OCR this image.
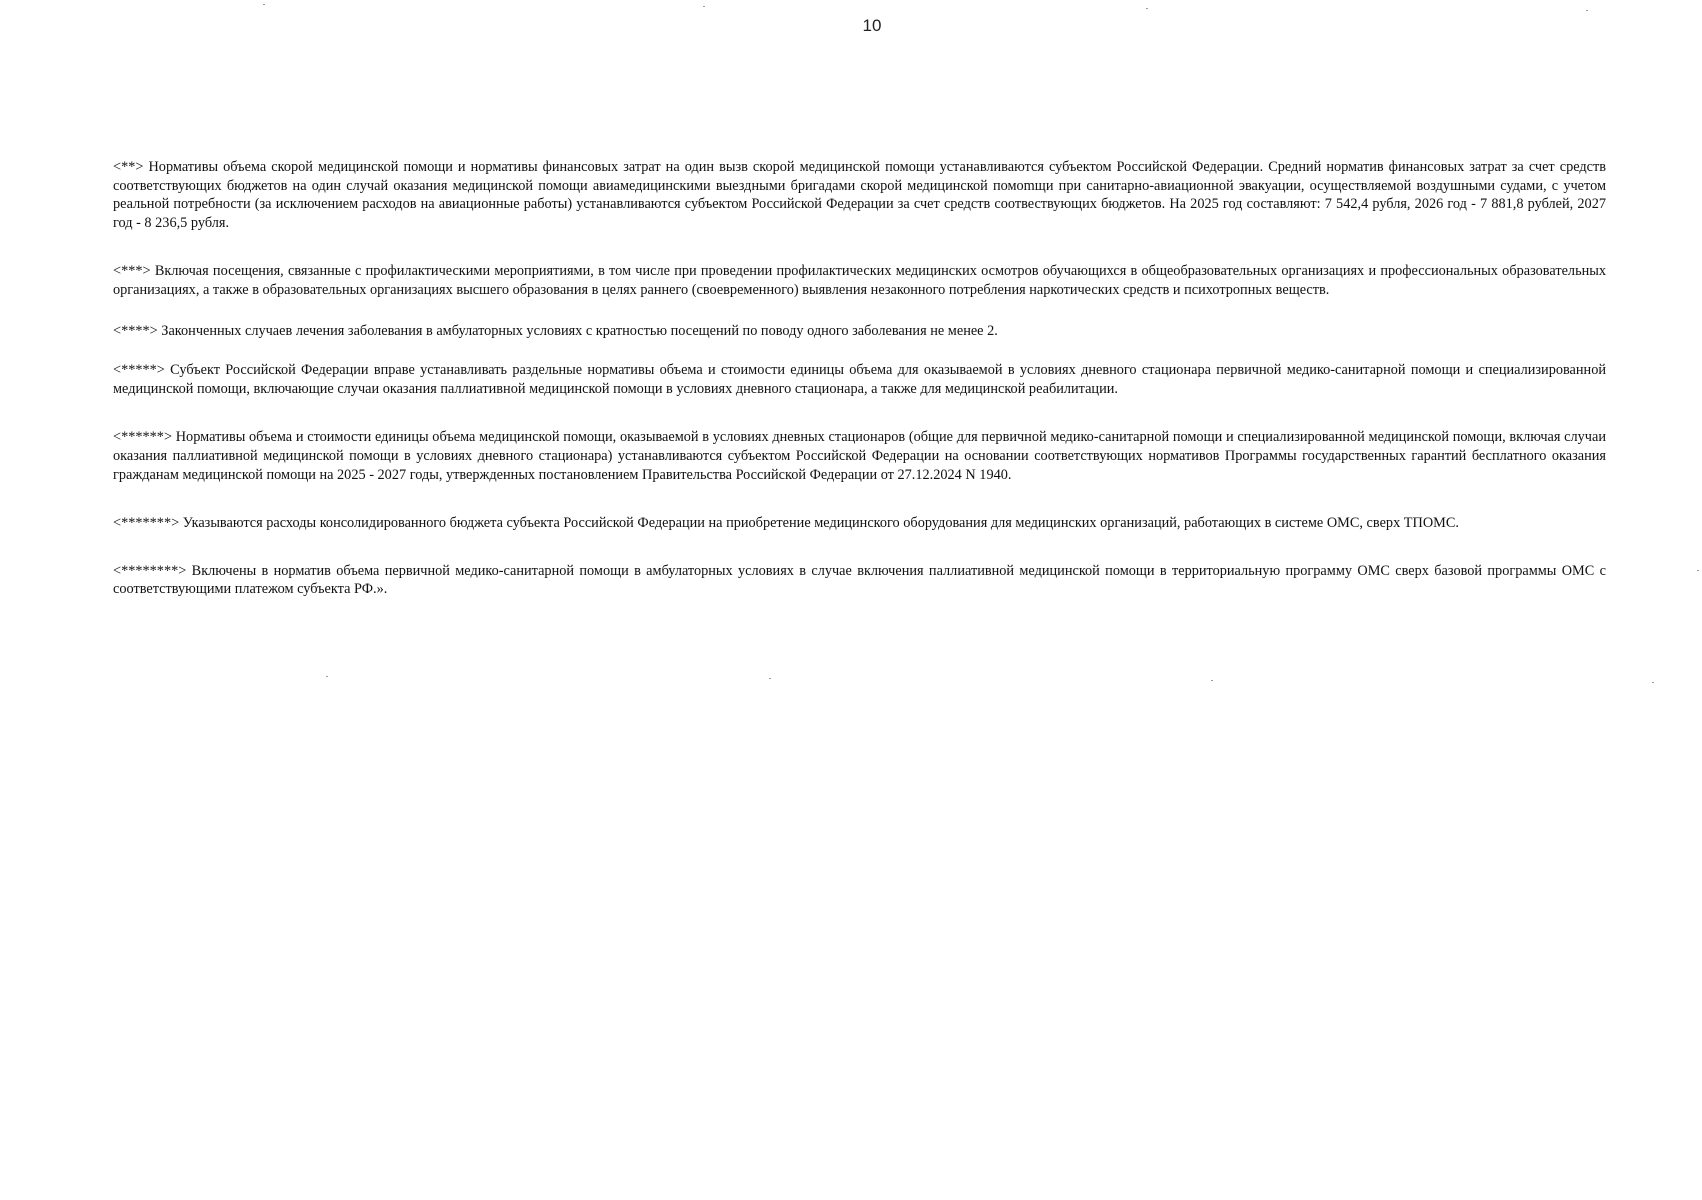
10

<**> Нормативы объема скорой медицинской помощи и нормативы финансовых затрат на один вызв скорой медицинской помощи устанавливаются субъектом Российской Федерации. Средний норматив финансовых затрат за счет средств соответствующих бюджетов на один случай оказания медицинской помощи авиамедицинскими выездными бригадами скорой медицинской помоmщи при санитарно-авиационной эвакуации, осуществляемой воздушными судами, с учетом реальной потребности (за исключением расходов на авиационные работы) устанавливаются субъектом Российской Федерации за счет средств соотвествующих бюджетов. На 2025 год составляют: 7 542,4 рубля, 2026 год - 7 881,8 рублей, 2027 год - 8 236,5 рубля.

<***> Включая посещения, связанные с профилактическими мероприятиями, в том числе при проведении профилактических медицинских осмотров обучающихся в общеобразовательных организациях и профессиональных образовательных организациях, а также в образовательных организациях высшего образования в целях раннего (своевременного) выявления незаконного потребления наркотических средств и психотропных веществ.

<****> Законченных случаев лечения заболевания в амбулаторных условиях с кратностью посещений по поводу одного заболевания не менее 2.

<*****> Субъект Российской Федерации вправе устанавливать раздельные нормативы объема и стоимости единицы объема для оказываемой в условиях дневного стационара первичной медико-санитарной помощи и специализированной медицинской помощи, включающие случаи оказания паллиативной медицинской помощи в условиях дневного стационара, а также для медицинской реабилитации.

<******> Нормативы объема и стоимости единицы объема медицинской помощи, оказываемой в условиях дневных стационаров (общие для первичной медико-санитарной помощи и специализированной медицинской помощи, включая случаи оказания паллиативной медицинской помощи в условиях дневного стационара) устанавливаются субъектом Российской Федерации на основании соответствующих нормативов Программы государственных гарантий бесплатного оказания гражданам медицинской помощи на 2025 - 2027 годы, утвержденных постановлением Правительства Российской Федерации от 27.12.2024 N 1940.

<*******> Указываются расходы консолидированного бюджета субъекта Российской Федерации на приобретение медицинского оборудования для медицинских организаций, работающих в системе ОМС, сверх ТПОМС.

<********> Включены в норматив объема первичной медико-санитарной помощи в амбулаторных условиях в случае включения паллиативной медицинской помощи в территориальную программу ОМС сверх базовой программы ОМС с соответствующими платежом субъекта РФ.».
